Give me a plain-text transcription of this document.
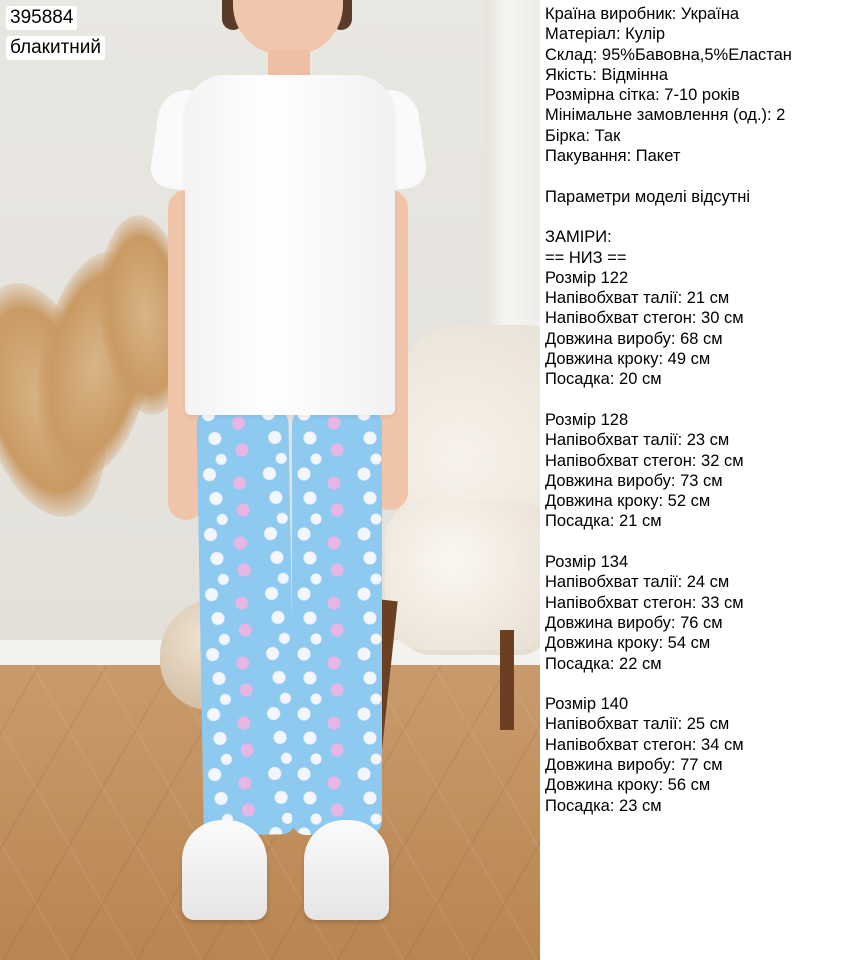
395884
блакитний

Країна виробник: Україна

Матеріал: Кулір

Склад: 95%Бавовна,5%Еластан

Якість: Відмінна

Розмірна сітка: 7-10 років

Мінімальне замовлення (од.): 2

Бірка: Так

Пакування: Пакет

Параметри моделі відсутні

ЗАМІРИ:

== НИЗ ==

Розмір 122

Напівобхват талії: 21 см

Напівобхват стегон: 30 см

Довжина виробу: 68 см

Довжина кроку: 49 см

Посадка: 20 см

Розмір 128

Напівобхват талії: 23 см

Напівобхват стегон: 32 см

Довжина виробу: 73 см

Довжина кроку: 52 см

Посадка: 21 см

Розмір 134

Напівобхват талії: 24 см

Напівобхват стегон: 33 см

Довжина виробу: 76 см

Довжина кроку: 54 см

Посадка: 22 см

Розмір 140

Напівобхват талії: 25 см

Напівобхват стегон: 34 см

Довжина виробу: 77 см

Довжина кроку: 56 см

Посадка: 23 см
